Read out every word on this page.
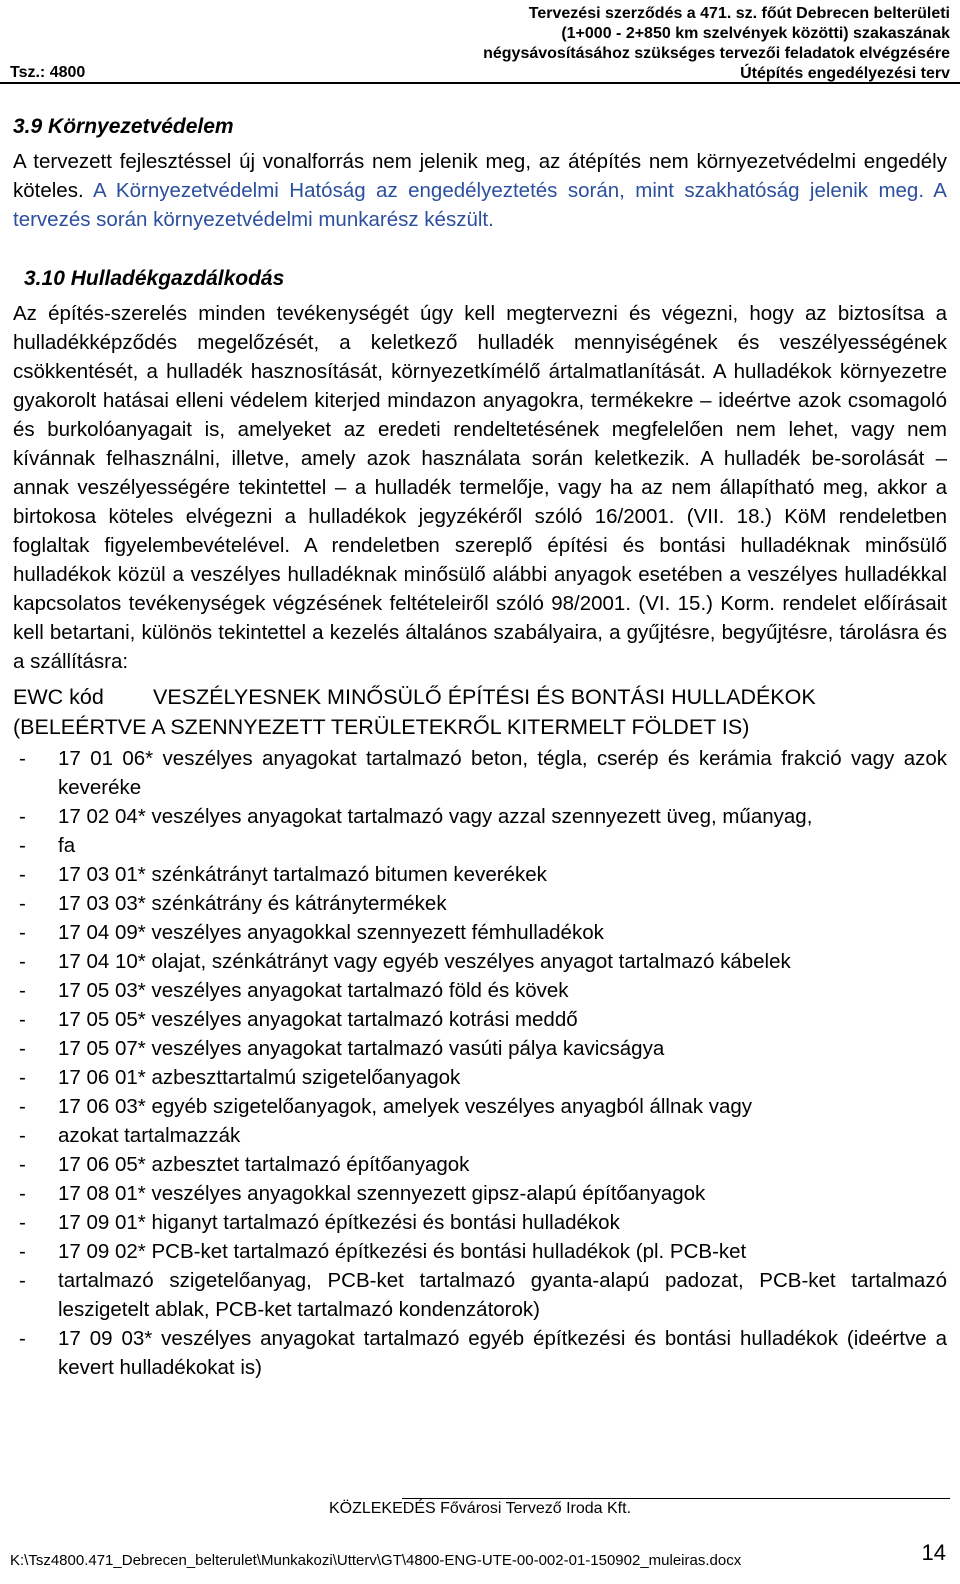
Tsz.: 4800
Tervezési szerződés a 471. sz. főút Debrecen belterületi
(1+000 - 2+850 km szelvények közötti) szakaszának
négysávosításához szükséges tervezői feladatok elvégzésére
Útépítés engedélyezési terv
3.9 Környezetvédelem

A tervezett fejlesztéssel új vonalforrás nem jelenik meg, az átépítés nem környezetvédelmi engedély köteles. A Környezetvédelmi Hatóság az engedélyeztetés során, mint szakhatóság jelenik meg. A tervezés során környezetvédelmi munkarész készült.

3.10 Hulladékgazdálkodás

Az építés-szerelés minden tevékenységét úgy kell megtervezni és végezni, hogy az biztosítsa a hulladékképződés megelőzését, a keletkező hulladék mennyiségének és veszélyességének csökkentését, a hulladék hasznosítását, környezetkímélő ártalmatlanítását. A hulladékok környezetre gyakorolt hatásai elleni védelem kiterjed mindazon anyagokra, termékekre – ideértve azok csomagoló és burkolóanyagait is, amelyeket az eredeti rendeltetésének megfelelően nem lehet, vagy nem kívánnak felhasználni, illetve, amely azok használata során keletkezik. A hulladék be-sorolását – annak veszélyességére tekintettel – a hulladék termelője, vagy ha az nem állapítható meg, akkor a birtokosa köteles elvégezni a hulladékok jegyzékéről szóló 16/2001. (VII. 18.) KöM rendeletben foglaltak figyelembevételével. A rendeletben szereplő építési és bontási hulladéknak minősülő hulladékok közül a veszélyes hulladéknak minősülő alábbi anyagok esetében a veszélyes hulladékkal kapcsolatos tevékenységek végzésének feltételeiről szóló 98/2001. (VI. 15.) Korm. rendelet előírásait kell betartani, különös tekintettel a kezelés általános szabályaira, a gyűjtésre, begyűjtésre, tárolásra és a szállításra:

EWC kód VESZÉLYESNEK MINŐSÜLŐ ÉPÍTÉSI ÉS BONTÁSI HULLADÉKOK (BELEÉRTVE A SZENNYEZETT TERÜLETEKRŐL KITERMELT FÖLDET IS)
- 17 01 06* veszélyes anyagokat tartalmazó beton, tégla, cserép és kerámia frakció vagy azok keveréke
- 17 02 04* veszélyes anyagokat tartalmazó vagy azzal szennyezett üveg, műanyag,
- fa
- 17 03 01* szénkátrányt tartalmazó bitumen keverékek
- 17 03 03* szénkátrány és kátránytermékek
- 17 04 09* veszélyes anyagokkal szennyezett fémhulladékok
- 17 04 10* olajat, szénkátrányt vagy egyéb veszélyes anyagot tartalmazó kábelek
- 17 05 03* veszélyes anyagokat tartalmazó föld és kövek
- 17 05 05* veszélyes anyagokat tartalmazó kotrási meddő
- 17 05 07* veszélyes anyagokat tartalmazó vasúti pálya kavicságya
- 17 06 01* azbeszttartalmú szigetelőanyagok
- 17 06 03* egyéb szigetelőanyagok, amelyek veszélyes anyagból állnak vagy
- azokat tartalmazzák
- 17 06 05* azbesztet tartalmazó építőanyagok
- 17 08 01* veszélyes anyagokkal szennyezett gipsz-alapú építőanyagok
- 17 09 01* higanyt tartalmazó építkezési és bontási hulladékok
- 17 09 02* PCB-ket tartalmazó építkezési és bontási hulladékok (pl. PCB-ket
- tartalmazó szigetelőanyag, PCB-ket tartalmazó gyanta-alapú padozat, PCB-ket tartalmazó leszigetelt ablak, PCB-ket tartalmazó kondenzátorok)
- 17 09 03* veszélyes anyagokat tartalmazó egyéb építkezési és bontási hulladékok (ideértve a kevert hulladékokat is)
KÖZLEKEDÉS Fővárosi Tervező Iroda Kft.
K:\Tsz4800.471_Debrecen_belterulet\Munkakozi\Utterv\GT\4800-ENG-UTE-00-002-01-150902_muleiras.docx	14
